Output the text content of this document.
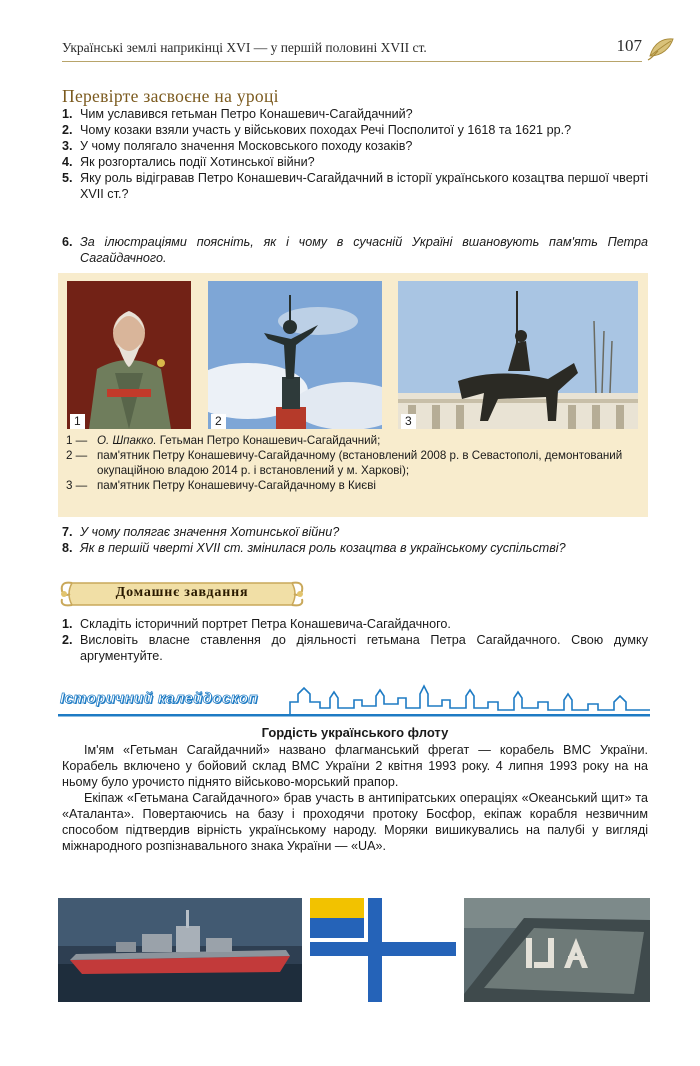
Українські землі наприкінці XVI — у першій половині XVII ст.	107
Перевірте засвоєне на уроці
1. Чим уславився гетьман Петро Конашевич-Сагайдачний?
2. Чому козаки взяли участь у військових походах Речі Посполитої у 1618 та 1621 рр.?
3. У чому полягало значення Московського походу козаків?
4. Як розгортались події Хотинської війни?
5. Яку роль відігравав Петро Конашевич-Сагайдачний в історії українського козацтва першої чверті XVII ст.?
6. За ілюстраціями поясніть, як і чому в сучасній Україні вшановують пам'ять Петра Сагайдачного.
1	2	3
1 — О. Шпакко. Гетьман Петро Конашевич-Сагайдачний;
2 — пам'ятник Петру Конашевичу-Сагайдачному (встановлений 2008 р. в Севастополі, демонтований окупаційною владою 2014 р. і встановлений у м. Харкові);
3 — пам'ятник Петру Конашевичу-Сагайдачному в Києві
7. У чому полягає значення Хотинської війни?
8. Як в першій чверті XVII ст. змінилася роль козацтва в українському суспільстві?
Домашнє завдання
1. Складіть історичний портрет Петра Конашевича-Сагайдачного.
2. Висловіть власне ставлення до діяльності гетьмана Петра Сагайдачного. Свою думку аргументуйте.
Історичний калейдоскоп
Гордість українського флоту

Ім'ям «Гетьман Сагайдачний» названо флагманський фрегат — корабель ВМС України. Корабель включено у бойовий склад ВМС України 2 квітня 1993 року. 4 липня 1993 року на на ньому було урочисто піднято військово-морський прапор.

Екіпаж «Гетьмана Сагайдачного» брав участь в антипіратських операціях «Океанський щит» та «Аталанта». Повертаючись на базу і проходячи протоку Босфор, екіпаж корабля незвичним способом підтвердив вірність українському народу. Моряки вишикувались на палубі у вигляді міжнародного розпізнавального знака України — «UA».
